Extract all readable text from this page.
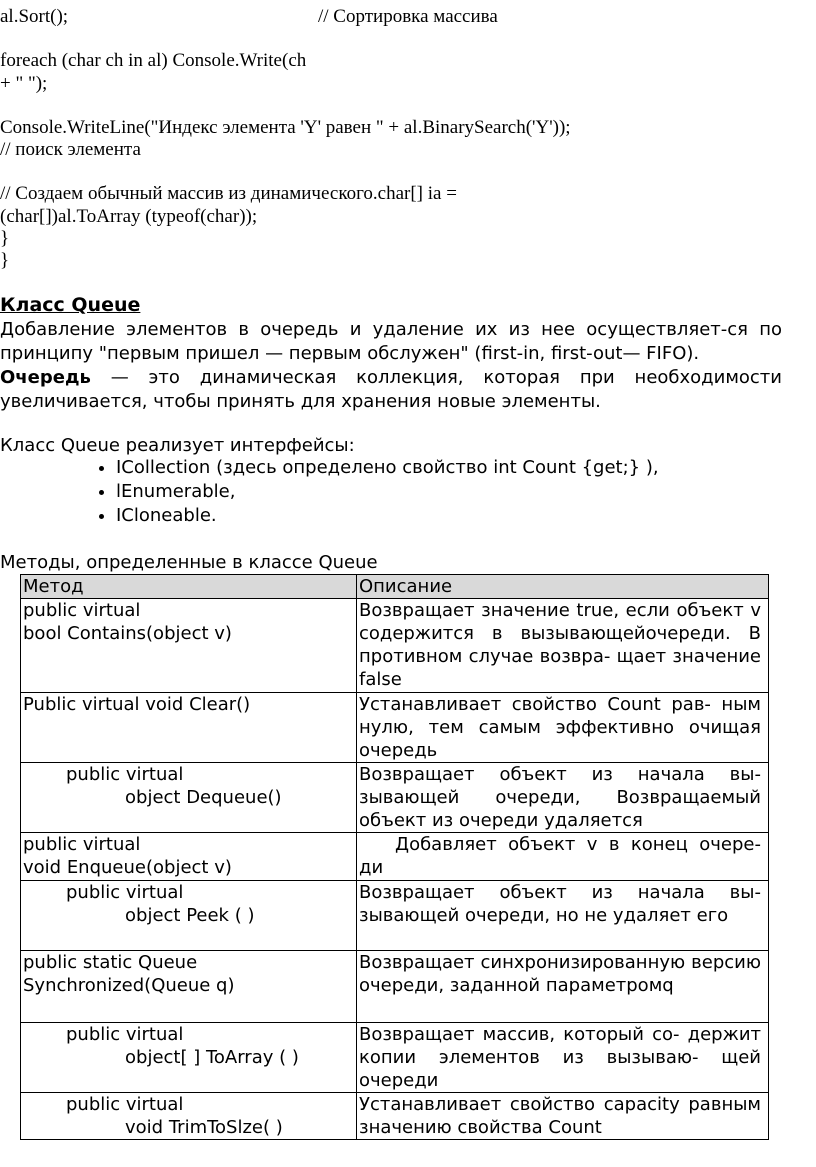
al.Sort();	// Сортировка массива
foreach (char ch in al) Console.Write(ch
+ " ");
Console.WriteLine("Индекс элемента 'Y' равен " + al.BinarySearch('Y'));
// поиск элемента
// Создаем обычный массив из динамического.char[] ia =
(char[])al.ToArray (typeof(char));
}
}
Класс Queue
Добавление элементов в очередь и удаление их из нее осуществляет-ся по принципу "первым пришел — первым обслужен" (first-in, first-out— FIFO).
Очередь — это динамическая коллекция, которая при необходимости увеличивается, чтобы принять для хранения новые элементы.
Класс Queue реализует интерфейсы:
• ICollection (здесь определено свойство int Count {get;} ),
• lEnumerable,
• ICloneable.
Методы, определенные в классе Queue
Метод	Описание

public virtual
bool Contains(object v)	Возвращает значение true, если объект v содержится в вызывающейочереди. В противном случае возвра- щает значение false
Public virtual void Clear()	Устанавливает свойство Count рав- ным нулю, тем самым эффективно очищая очередь

public virtual
object Dequeue()	Возвращает объект из начала вы- зывающей очереди, Возвращаемый объект из очереди удаляется

public virtual
void Enqueue(object v)	Добавляет объект v в конец очере- ди

public virtual
object Peek ( )	Возвращает объект из начала вы- зывающей очереди, но не удаляет его

public static Queue
Synchronized(Queue q)	Возвращает синхронизированную версию очереди, заданной параметромq

public virtual
object[ ] ToArray ( )	Возвращает массив, который со- держит копии элементов из вызываю- щей очереди

public virtual
void TrimToSlze( )	Устанавливает свойство capacity равным значению свойства Count
